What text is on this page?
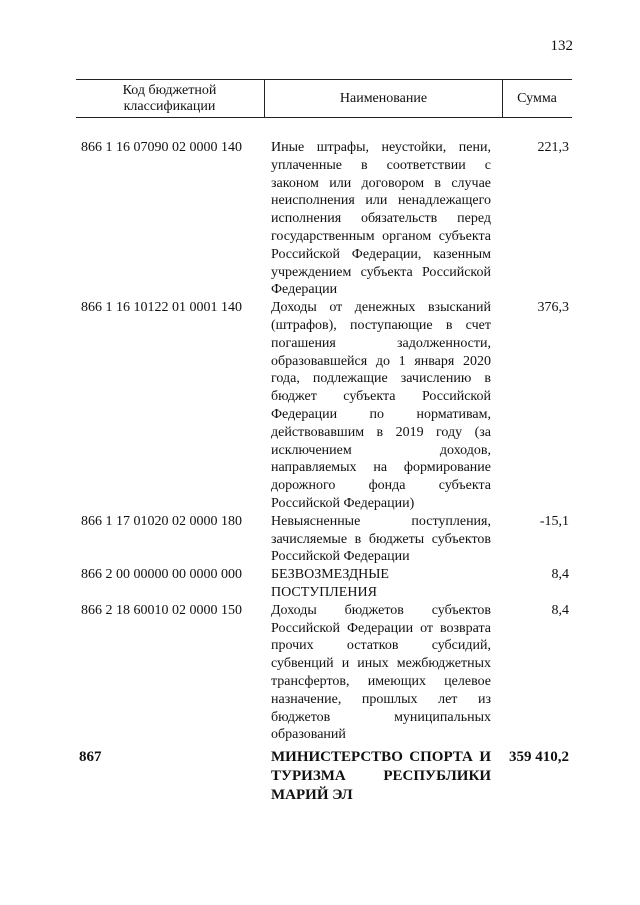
132
Код бюджетной классификации
Наименование	Сумма
866 1 16 07090 02 0000 140 Иные штрафы, неустойки, пени, уплаченные в соответствии с законом или договором в случае неисполнения или ненадлежащего исполнения обязательств перед государственным органом субъекта Российской Федерации, казенным учреждением субъекта Российской Федерации
221,3
866 1 16 10122 01 0001 140 Доходы от денежных взысканий (штрафов), поступающие в счет погашения задолженности, образовавшейся до 1 января 2020 года, подлежащие зачислению в бюджет субъекта Российской Федерации по нормативам, действовавшим в 2019 году (за исключением доходов, направляемых на формирование дорожного фонда субъекта Российской Федерации)
376,3
866 1 17 01020 02 0000 180 Невыясненные поступления, зачисляемые в бюджеты субъектов Российской Федерации
-15,1
866 2 00 00000 00 0000 000 БЕЗВОЗМЕЗДНЫЕ ПОСТУПЛЕНИЯ
8,4
866 2 18 60010 02 0000 150 Доходы бюджетов субъектов Российской Федерации от возврата прочих остатков субсидий, субвенций и иных межбюджетных трансфертов, имеющих целевое назначение, прошлых лет из бюджетов муниципальных образований
8,4
867	МИНИСТЕРСТВО СПОРТА И ТУРИЗМА РЕСПУБЛИКИ МАРИЙ ЭЛ
359 410,2
